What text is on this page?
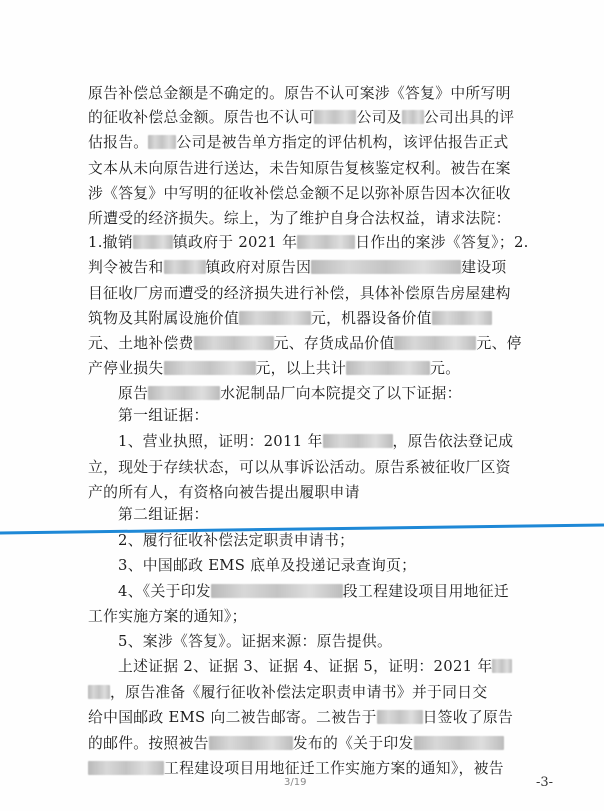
原告补偿总金额是不确定的。原告不认可案涉《答复》中所写明
的征收补偿总金额。原告也不认可	公司及 公司出具的评
估报告。 公司是被告单方指定的评估机构，该评估报告正式
文本从未向原告进行送达，未告知原告复核鉴定权利。被告在案
涉《答复》中写明的征收补偿总金额不足以弥补原告因本次征收
所遭受的经济损失。综上，为了维护自身合法权益，请求法院：
1.撤销	镇政府于 2021 年	日作出的案涉《答复》；2.
判令被告和	镇政府对原告因	建设项
目征收厂房而遭受的经济损失进行补偿，具体补偿原告房屋建构
筑物及其附属设施价值	元，机器设备价值
元、土地补偿费	元、存货成品价值	元、停
产停业损失	元，以上共计	元。
原告	水泥制品厂向本院提交了以下证据：
第一组证据：
1、营业执照，证明：2011 年	，原告依法登记成
立，现处于存续状态，可以从事诉讼活动。原告系被征收厂区资
产的所有人，有资格向被告提出履职申请
第二组证据：
2、履行征收补偿法定职责申请书；
3、中国邮政 EMS 底单及投递记录查询页；
4、《关于印发	段工程建设项目用地征迁
工作实施方案的通知》；
5、案涉《答复》。证据来源：原告提供。
上述证据 2、证据 3、证据 4、证据 5，证明：2021 年
，原告准备《履行征收补偿法定职责申请书》并于同日交
给中国邮政 EMS 向二被告邮寄。二被告于	日签收了原告
的邮件。按照被告	发布的《关于印发
工程建设项目用地征迁工作实施方案的通知》，被告
3/19	-3-
